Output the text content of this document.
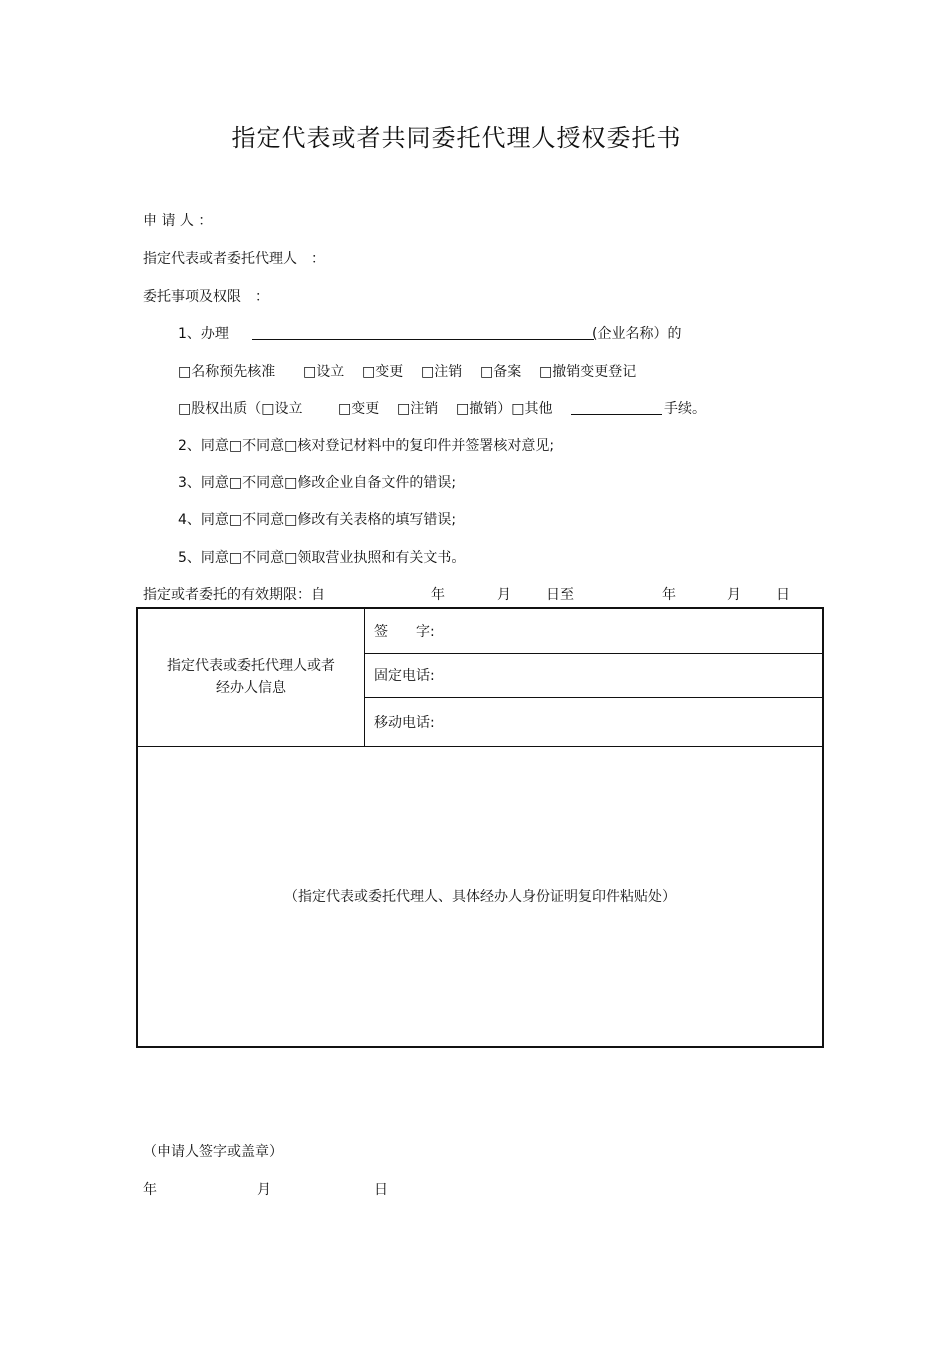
指定代表或者共同委托代理人授权委托书
申 请 人 ：
指定代表或者委托代理人　：
委托事项及权限　：
1、办理	(企业名称）的
□名称预先核准 □设立 □变更 □注销 □备案 □撤销变更登记
□股权出质（□设立	□变更 □注销 □撤销）□其他	手续。
2、同意□不同意□核对登记材料中的复印件并签署核对意见;
3、同意□不同意□修改企业自备文件的错误;
4、同意□不同意□修改有关表格的填写错误;
5、同意□不同意□领取营业执照和有关文书。
指定或者委托的有效期限：自	年	月	日至	年	月	日
指定代表或委托代理人或者
经办人信息
	签　　字:
固定电话:
移动电话:
（指定代表或委托代理人、具体经办人身份证明复印件粘贴处）
（申请人签字或盖章）
年	月	日
